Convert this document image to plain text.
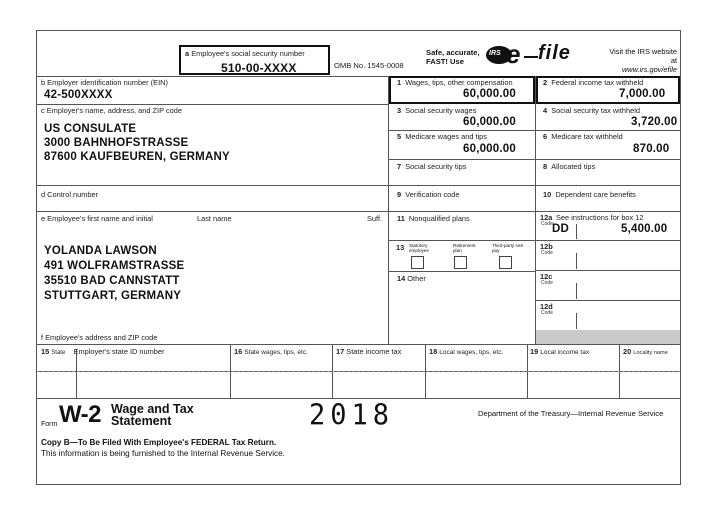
a Employee's social security number
510-00-XXXX	OMB No. 1545-0008
Safe, accurate,
FAST! Use
IRS e file	Visit the IRS website at
www.irs.gov/efile
b Employer identification number (EIN)
42-500XXXX
1 Wages, tips, other compensation
60,000.00
2 Federal income tax withheld
7,000.00
c Employer's name, address, and ZIP code
US CONSULATE
3000 BAHNHOFSTRASSE
87600 KAUFBEUREN, GERMANY
3 Social security wages
60,000.00
4 Social security tax withheld
3,720.00
5 Medicare wages and tips
60,000.00
6 Medicare tax withheld
870.00
7 Social security tips	8 Allocated tips
d Control number	9 Verification code	10 Dependent care benefits
e Employee's first name and initial	Last name	Suff.
YOLANDA LAWSON
491 WOLFRAMSTRASSE
35510 BAD CANNSTATT
STUTTGART, GERMANY
f Employee's address and ZIP code
11 Nonqualified plans
13 Statutory employee
Retirement plan
Third-party sick pay
14 Other
12a See instructions for box 12
Code DD	5,400.00
12b
Code
12c
Code
12d
Code
15 State Employer's state ID number	16 State wages, tips, etc.	17 State income tax	18 Local wages, tips, etc.	19 Local income tax	20 Locality name
Form W-2 Wage and Tax
Statement	2018	Department of the Treasury—Internal Revenue Service
Copy B—To Be Filed With Employee's FEDERAL Tax Return.
This information is being furnished to the Internal Revenue Service.
